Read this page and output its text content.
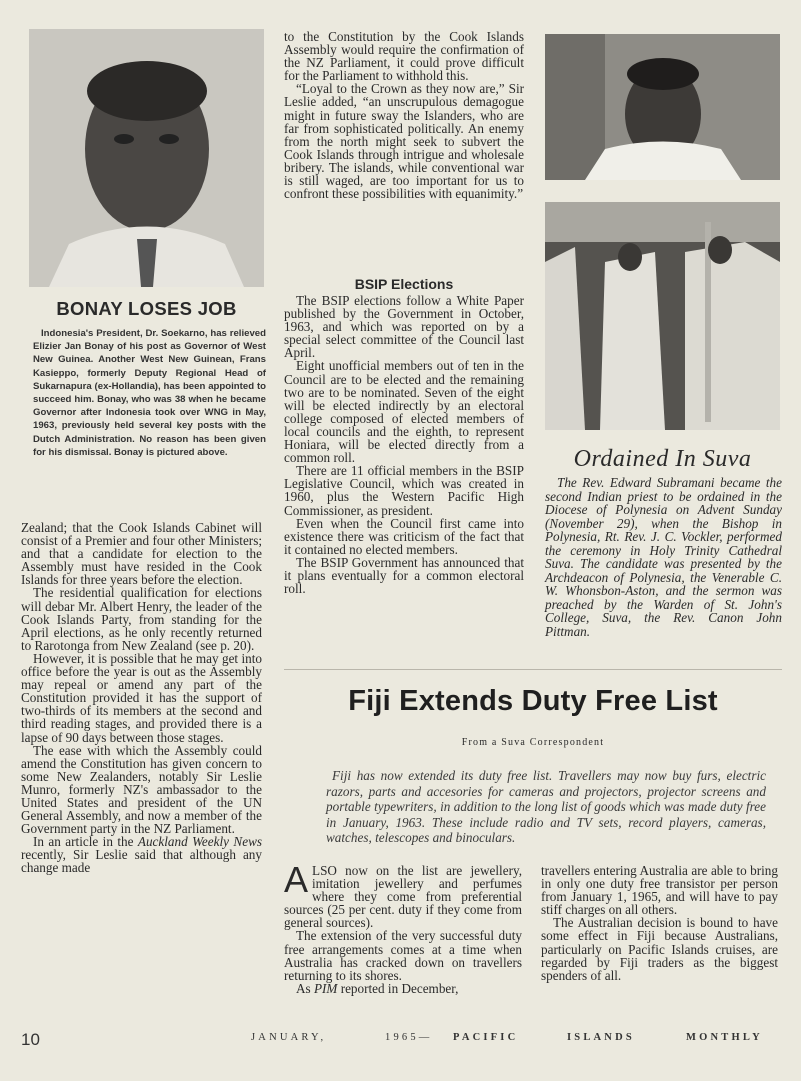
BONAY LOSES JOB
Indonesia's President, Dr. Soekarno, has relieved Elizier Jan Bonay of his post as Governor of West New Guinea. Another West New Guinean, Frans Kasieppo, formerly Deputy Regional Head of Sukarnapura (ex-Hollandia), has been appointed to succeed him. Bonay, who was 38 when he became Governor after Indonesia took over WNG in May, 1963, previously held several key posts with the Dutch Administration. No reason has been given for his dismissal. Bonay is pictured above.

Zealand; that the Cook Islands Cabinet will consist of a Premier and four other Ministers; and that a candidate for election to the Assembly must have resided in the Cook Islands for three years before the election.

The residential qualification for elections will debar Mr. Albert Henry, the leader of the Cook Islands Party, from standing for the April elections, as he only recently returned to Rarotonga from New Zealand (see p. 20).

However, it is possible that he may get into office before the year is out as the Assembly may repeal or amend any part of the Constitution provided it has the support of two-thirds of its members at the second and third reading stages, and provided there is a lapse of 90 days between those stages.

The ease with which the Assembly could amend the Constitution has given concern to some New Zealanders, notably Sir Leslie Munro, formerly NZ's ambassador to the United States and president of the UN General Assembly, and now a member of the Government party in the NZ Parliament.

In an article in the Auckland Weekly News recently, Sir Leslie said that although any change made

to the Constitution by the Cook Islands Assembly would require the confirmation of the NZ Parliament, it could prove difficult for the Parliament to withhold this.

“Loyal to the Crown as they now are,” Sir Leslie added, “an unscrupulous demagogue might in future sway the Islanders, who are far from sophisticated politically. An enemy from the north might seek to subvert the Cook Islands through intrigue and wholesale bribery. The islands, while conventional war is still waged, are too important for us to confront these possibilities with equanimity.”

BSIP Elections

The BSIP elections follow a White Paper published by the Government in October, 1963, and which was reported on by a special select committee of the Council last April.

Eight unofficial members out of ten in the Council are to be elected and the remaining two are to be nominated. Seven of the eight will be elected indirectly by an electoral college composed of elected members of local councils and the eighth, to represent Honiara, will be elected directly from a common roll.

There are 11 official members in the BSIP Legislative Council, which was created in 1960, plus the Western Pacific High Commissioner, as president.

Even when the Council first came into existence there was criticism of the fact that it contained no elected members.

The BSIP Government has announced that it plans eventually for a common electoral roll.

Ordained In Suva
The Rev. Edward Subramani became the second Indian priest to be ordained in the Diocese of Polynesia on Advent Sunday (November 29), when the Bishop in Polynesia, Rt. Rev. J. C. Vockler, performed the ceremony in Holy Trinity Cathedral Suva. The candidate was presented by the Archdeacon of Polynesia, the Venerable C. W. Whonsbon-Aston, and the sermon was preached by the Warden of St. John's College, Suva, the Rev. Canon John Pittman.
Fiji Extends Duty Free List
From a Suva Correspondent
Fiji has now extended its duty free list. Travellers may now buy furs, electric razors, parts and accesories for cameras and projectors, projector screens and portable typewriters, in addition to the long list of goods which was made duty free in January, 1963. These include radio and TV sets, record players, cameras, watches, telescopes and binoculars.

ALSO now on the list are jewellery, imitation jewellery and perfumes where they come from preferential sources (25 per cent. duty if they come from general sources).

The extension of the very successful duty free arrangements comes at a time when Australia has cracked down on travellers returning to its shores.

As PIM reported in December,

travellers entering Australia are able to bring in only one duty free transistor per person from January 1, 1965, and will have to pay stiff charges on all others.

The Australian decision is bound to have some effect in Fiji because Australians, particularly on Pacific Islands cruises, are regarded by Fiji traders as the biggest spenders of all.

10	JANUARY,	1965— PACIFIC	ISLANDS	MONTHLY
